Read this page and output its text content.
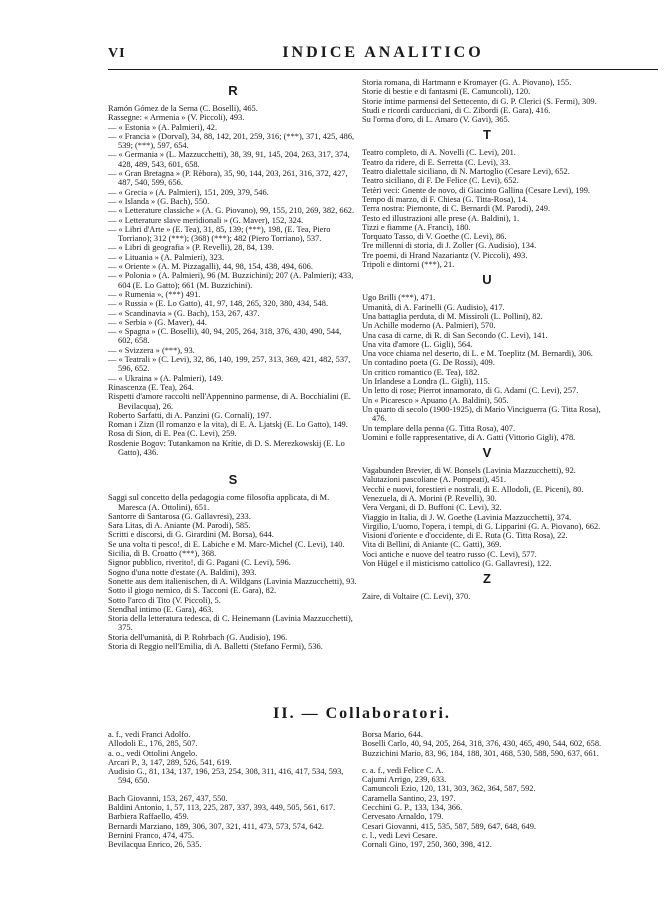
VI	INDICE ANALITICO
R

Ramón Gómez de la Serna (C. Boselli), 465.

Rassegne: « Armenia » (V. Piccoli), 493.

— « Estonia » (A. Palmieri), 42.

— « Francia » (Dorval), 34, 88, 142, 201, 259, 316; (***), 371, 425, 486, 539; (***), 597, 654.

— « Germania » (L. Mazzucchetti), 38, 39, 91, 145, 204, 263, 317, 374, 428, 489, 543, 601, 658.

— « Gran Bretagna » (P. Rèbora), 35, 90, 144, 203, 261, 316, 372, 427, 487, 540, 599, 656.

— « Grecia » (A. Palmieri), 151, 209, 379, 546.

— « Islanda » (G. Bach), 550.

— « Letterature classiche » (A. G. Piovano), 99, 155, 210, 269, 382, 662.

— « Letterature slave meridionali » (G. Maver), 152, 324.

— « Libri d'Arte » (E. Tea), 31, 85, 139; (***), 198, (E. Tea, Piero Torriano); 312 (***); (368) (***); 482 (Piero Torriano), 537.

— « Libri di geografia » (P. Revelli), 28, 84, 139.

— « Lituania » (A. Palmieri), 323.

— « Oriente » (A. M. Pizzagalli), 44, 98, 154, 438, 494, 606.

— « Polonia » (A. Palmieri), 96 (M. Buzzichini); 207 (A. Palmieri); 433, 604 (E. Lo Gatto); 661 (M. Buzzichini).

— « Rumenia », (***) 491.

— « Russia » (E. Lo Gatto), 41, 97, 148, 265, 320, 380, 434, 548.

— « Scandinavia » (G. Bach), 153, 267, 437.

— « Serbia » (G. Maver), 44.

— « Spagna » (C. Boselli), 40, 94, 205, 264, 318, 376, 430, 490, 544, 602, 658.

— « Svizzera » (***), 93.

— « Teatrali » (C. Levi), 32, 86, 140, 199, 257, 313, 369, 421, 482, 537, 596, 652.

— « Ukraina » (A. Palmieri), 149.

Rinascenza (E. Tea), 264.

Rispetti d'amore raccolti nell'Appennino parmense, di A. Bocchialini (E. Bevilacqua), 26.

Roberto Sarfatti, di A. Panzini (G. Cornali), 197.

Roman i Zizn (Il romanzo e la vita), di E. A. Ljatskj (E. Lo Gatto), 149.

Rosa di Sion, di E. Pea (C. Levi), 259.

Rosdenie Bogov: Tutankamon na Krítie, di D. S. Merezkowskij (E. Lo Gatto), 436.

S

Saggi sul concetto della pedagogia come filosofia applicata, di M. Maresca (A. Ottolini), 651.

Santorre di Santarosa (G. Gallavresi), 233.

Sara Litas, di A. Aniante (M. Parodi), 585.

Scritti e discorsi, di G. Girardini (M. Borsa), 644.

Se una volta ti pesco!, di E. Labiche e M. Marc-Michel (C. Levi), 140.

Sicilia, di B. Croatto (***), 368.

Signor pubblico, riverito!, di G. Pagani (C. Levi), 596.

Sogno d'una notte d'estate (A. Baldini), 393.

Sonette aus dem italienischen, di A. Wildgans (Lavinia Mazzucchetti), 93.

Sotto il giogo nemico, di S. Tacconi (E. Gara), 82.

Sotto l'arco di Tito (V. Piccoli), 5.

Stendhal intimo (E. Gara), 463.

Storia della letteratura tedesca, di C. Heinemann (Lavinia Mazzucchetti), 375.

Storia dell'umanità, di P. Rohrbach (G. Audisio), 196.

Storia di Reggio nell'Emilia, di A. Balletti (Stefano Fermi), 536.

Storia romana, di Hartmann e Kromayer (G. A. Piovano), 155.

Storie di bestie e di fantasmi (E. Camuncoli), 120.

Storie intime parmensi del Settecento, di G. P. Clerici (S. Fermi), 309.

Studi e ricordi carducciani, di C. Zibordi (E. Gara), 416.

Su l'orma d'oro, di L. Amaro (V. Gavi), 365.

T

Teatro completo, di A. Novelli (C. Levi), 201.

Teatro da ridere, di E. Serretta (C. Levi), 33.

Teatro dialettale siciliano, di N. Martoglio (Cesare Levi), 652.

Teatro siciliano, di F. De Felice (C. Levi), 652.

Tetèri veci: Gnente de novo, di Giacinto Gallina (Cesare Levi), 199.

Tempo di marzo, di F. Chiesa (G. Titta-Rosa), 14.

Terra nostra: Piemonte, di C. Bernardi (M. Parodi), 249.

Testo ed illustrazioni alle prese (A. Baldini), 1.

Tizzi e fiamme (A. Franci), 180.

Torquato Tasso, di V. Goethe (C. Levi), 86.

Tre millenni di storia, di J. Zoller (G. Audisio), 134.

Tre poemi, di Hrand Nazariantz (V. Piccoli), 493.

Tripoli e dintorni (***), 21.

U

Ugo Brilli (***), 471.

Umanità, di A. Farinelli (G. Audisio), 417.

Una battaglia perduta, di M. Missiroli (L. Pollini), 82.

Un Achille moderno (A. Palmieri), 570.

Una casa di carne, di R. di San Secondo (C. Levi), 141.

Una vita d'amore (L. Gigli), 564.

Una voce chiama nel deserto, di L. e M. Toeplitz (M. Bernardi), 306.

Un contadino poeta (G. De Rossi), 409.

Un critico romantico (E. Tea), 182.

Un Irlandese a Londra (L. Gigli), 115.

Un letto di rose; Pierrot innamorato, di G. Adami (C. Levi), 257.

Un « Picaresco » Apuano (A. Baldini), 505.

Un quarto di secolo (1900-1925), di Mario Vinciguerra (G. Titta Rosa), 476.

Un templare della penna (G. Titta Rosa), 407.

Uomini e folle rappresentative, di A. Gatti (Vittorio Gigli), 478.

V

Vagabunden Brevier, di W. Bonsels (Lavinia Mazzucchetti), 92.

Valutazioni pascoliane (A. Pompeati), 451.

Vecchi e nuovi, forestieri e nostrali, di E. Allodoli, (E. Piceni), 80.

Venezuela, di A. Morini (P. Revelli), 30.

Vera Vergani, di D. Buffoni (C. Levi), 32.

Viaggio in Italia, di J. W. Goethe (Lavinia Mazzucchetti), 374.

Virgilio, L'uomo, l'opera, i tempi, di G. Lipparini (G. A. Piovano), 662.

Visioni d'oriente e d'occidente, di E. Ruta (G. Titta Rosa), 22.

Vita di Bellini, di Aniante (C. Gatti), 369.

Voci antiche e nuove del teatro russo (C. Levi), 577.

Von Hügel e il misticismo cattolico (G. Gallavresi), 122.

Z

Zaire, di Voltaire (C. Levi), 370.

II. — Collaboratori.

a. f., vedi Franci Adolfo.

Allodoli E., 176, 285, 507.

a. o., vedi Ottolini Angelo.

Arcari P., 3, 147, 289, 526, 541, 619.

Audisio G., 81, 134, 137, 196, 253, 254, 308, 311, 416, 417, 534, 593, 594, 650.

Bach Giovanni, 153, 267, 437, 550.

Baldini Antonio, 1, 57, 113, 225, 287, 337, 393, 449, 505, 561, 617.

Barbiera Raffaello, 459.

Bernardi Marziano, 189, 306, 307, 321, 411, 473, 573, 574, 642.

Bernini Franco, 474, 475.

Bevilacqua Enrico, 26, 535.

Borsa Mario, 644.

Boselli Carlo, 40, 94, 205, 264, 318, 376, 430, 465, 490, 544, 602, 658.

Buzzichini Mario, 83, 96, 184, 188, 301, 468, 530, 588, 590, 637, 661.

c. a. f., vedi Felice C. A.

Cajumi Arrigo, 239, 633.

Camuncoli Ezio, 120, 131, 303, 362, 364, 587, 592.

Caramella Santino, 23, 197.

Cecchini G. P., 133, 134, 366.

Cervesato Arnaldo, 179.

Cesari Giovanni, 415, 535, 587, 589, 647, 648, 649.

c. l., vedi Levi Cesare.

Cornali Gino, 197, 250, 360, 398, 412.
